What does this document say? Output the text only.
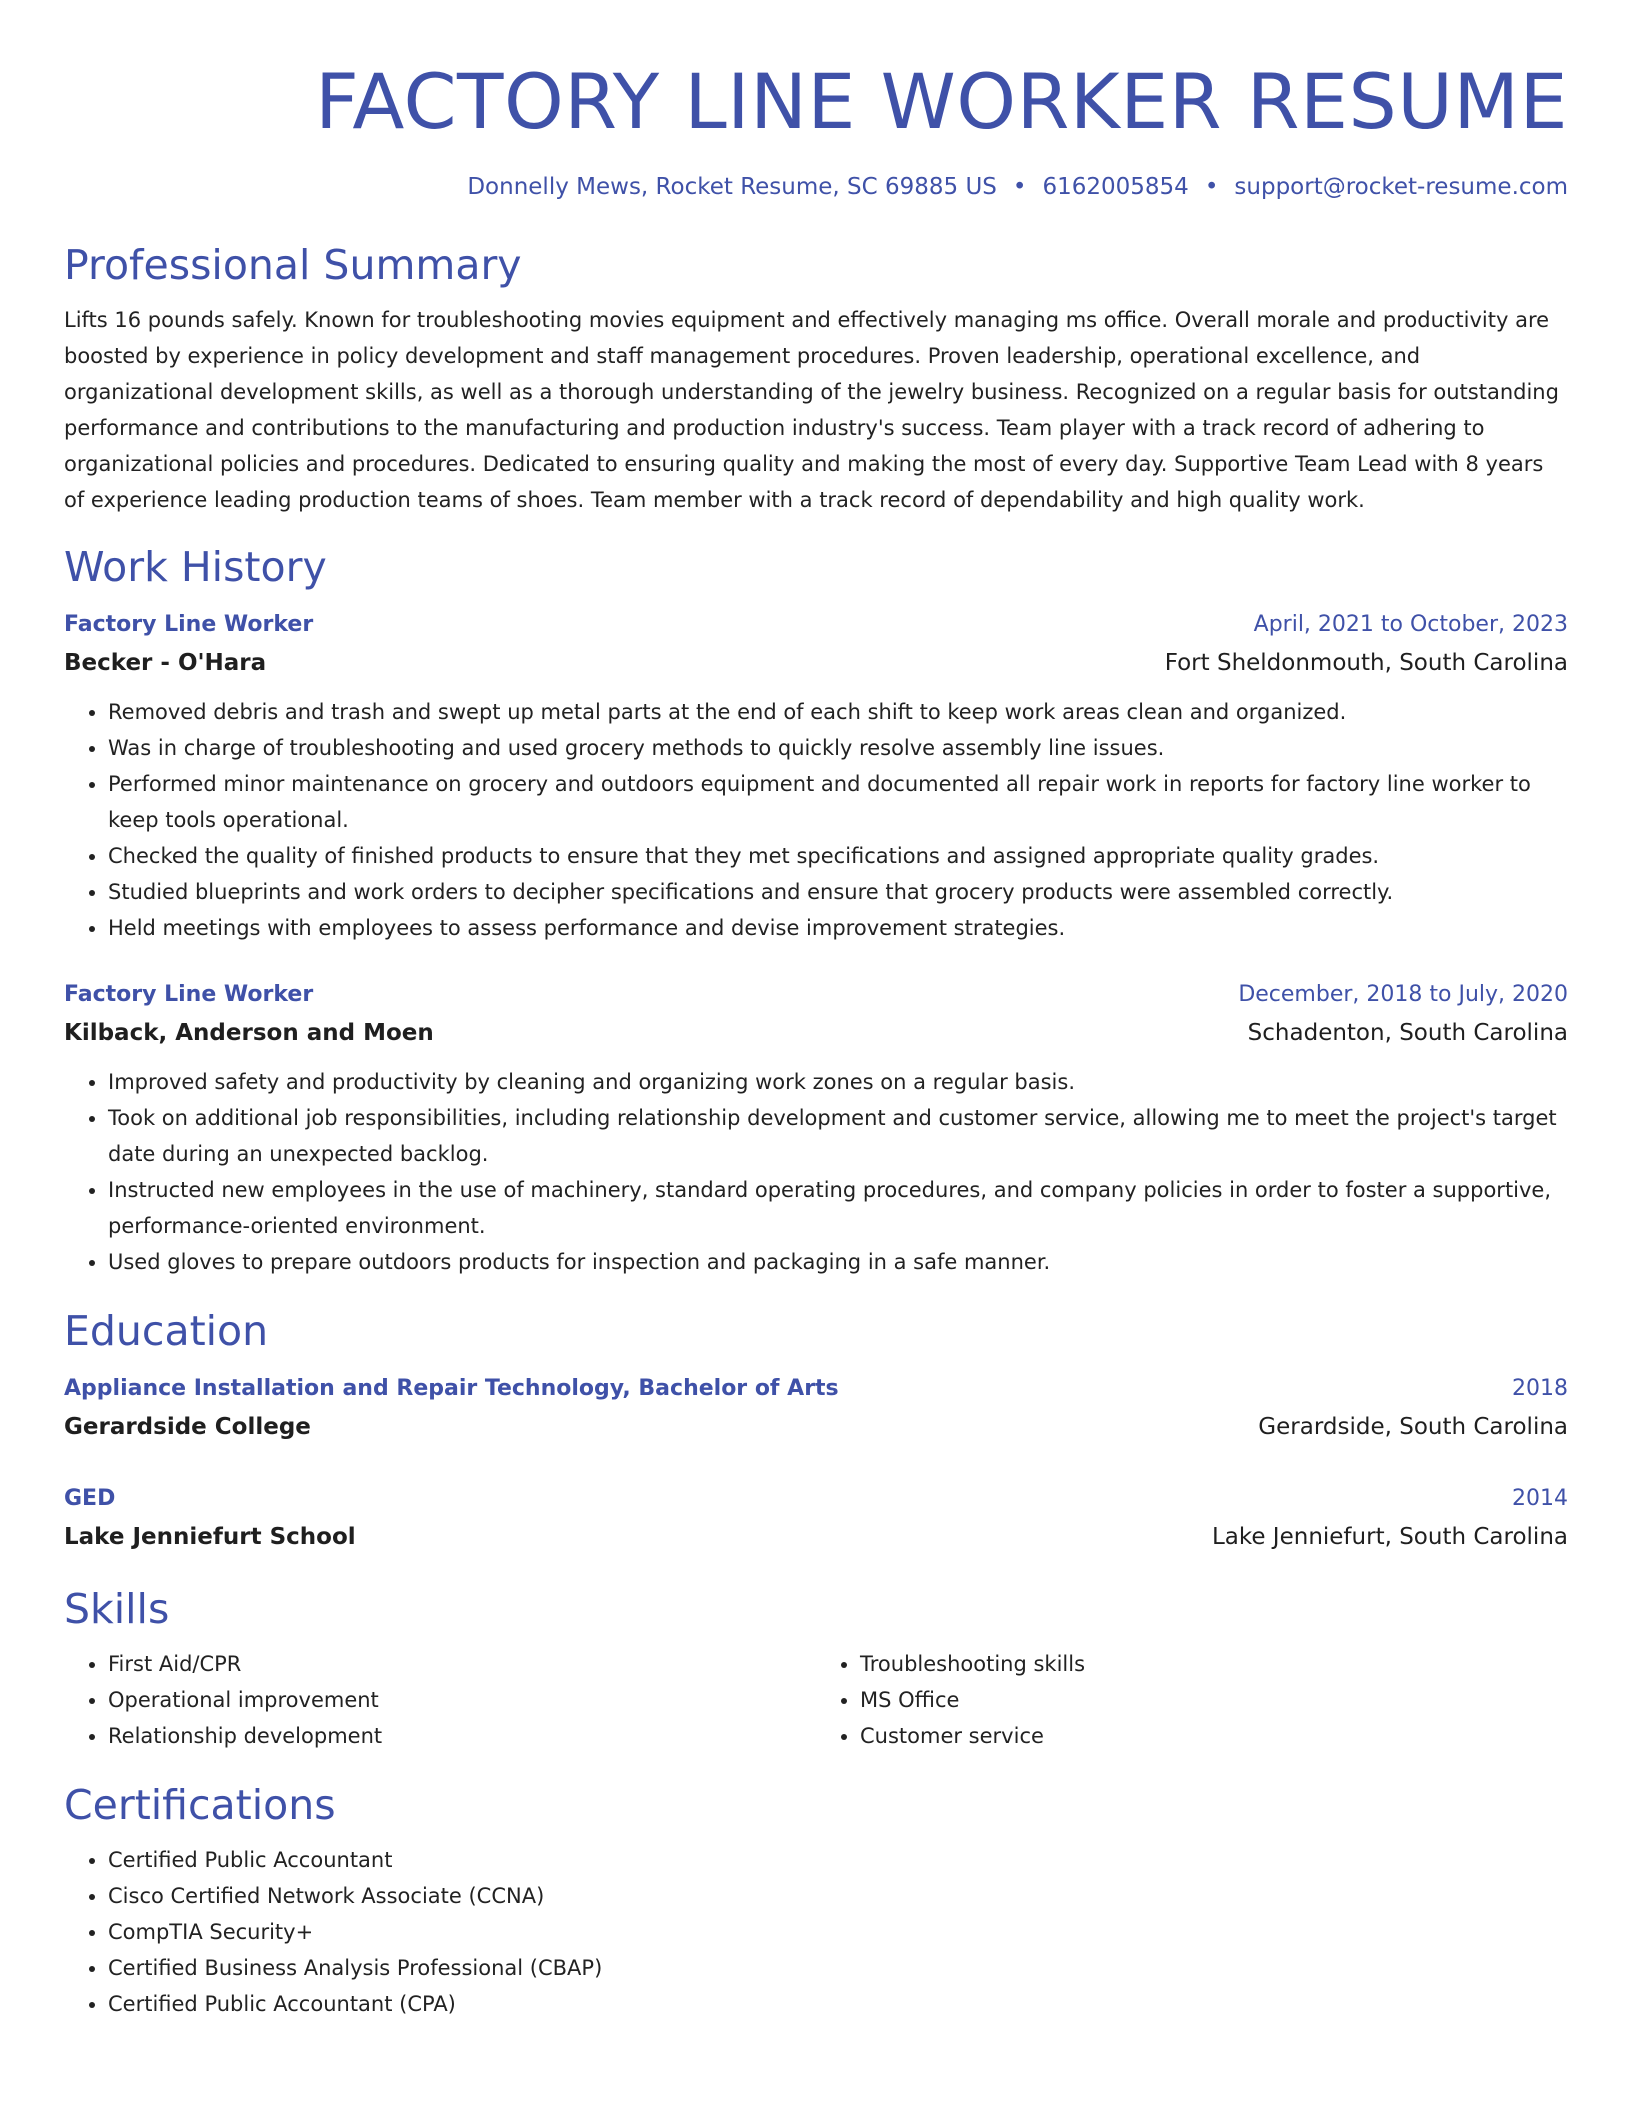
FACTORY LINE WORKER RESUME
Donnelly Mews, Rocket Resume, SC 69885 US • 6162005854 • support@rocket-resume.com
Professional Summary
Lifts 16 pounds safely. Known for troubleshooting movies equipment and effectively managing ms office. Overall morale and productivity are boosted by experience in policy development and staff management procedures. Proven leadership, operational excellence, and organizational development skills, as well as a thorough understanding of the jewelry business. Recognized on a regular basis for outstanding performance and contributions to the manufacturing and production industry's success. Team player with a track record of adhering to organizational policies and procedures. Dedicated to ensuring quality and making the most of every day. Supportive Team Lead with 8 years of experience leading production teams of shoes. Team member with a track record of dependability and high quality work.
Work History
Factory Line Worker	April, 2021 to October, 2023
Becker - O'Hara	Fort Sheldonmouth, South Carolina
• Removed debris and trash and swept up metal parts at the end of each shift to keep work areas clean and organized.
• Was in charge of troubleshooting and used grocery methods to quickly resolve assembly line issues.
• Performed minor maintenance on grocery and outdoors equipment and documented all repair work in reports for factory line worker to keep tools operational.
• Checked the quality of finished products to ensure that they met specifications and assigned appropriate quality grades.
• Studied blueprints and work orders to decipher specifications and ensure that grocery products were assembled correctly.
• Held meetings with employees to assess performance and devise improvement strategies.
Factory Line Worker	December, 2018 to July, 2020
Kilback, Anderson and Moen	Schadenton, South Carolina
• Improved safety and productivity by cleaning and organizing work zones on a regular basis.
• Took on additional job responsibilities, including relationship development and customer service, allowing me to meet the project's target date during an unexpected backlog.
• Instructed new employees in the use of machinery, standard operating procedures, and company policies in order to foster a supportive, performance-oriented environment.
• Used gloves to prepare outdoors products for inspection and packaging in a safe manner.
Education
Appliance Installation and Repair Technology, Bachelor of Arts	2018
Gerardside College	Gerardside, South Carolina
GED	2014
Lake Jenniefurt School	Lake Jenniefurt, South Carolina
Skills
• First Aid/CPR
• Operational improvement
• Relationship development
• Troubleshooting skills
• MS Office
• Customer service
Certifications
• Certified Public Accountant
• Cisco Certified Network Associate (CCNA)
• CompTIA Security+
• Certified Business Analysis Professional (CBAP)
• Certified Public Accountant (CPA)
